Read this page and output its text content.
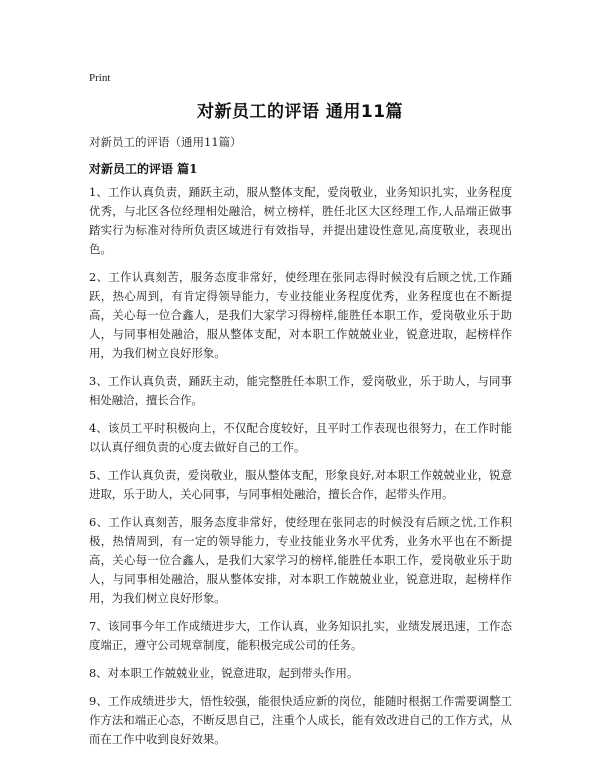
Print
对新员工的评语 通用11篇
对新员工的评语（通用11篇）
对新员工的评语 篇1

1、工作认真负责，踊跃主动，服从整体支配，爱岗敬业，业务知识扎实，业务程度优秀，与北区各位经理相处融洽，树立榜样，胜任北区大区经理工作,人品端正做事踏实行为标准对待所负责区域进行有效指导，并提出建设性意见,高度敬业，表现出色。

2、工作认真刻苦，服务态度非常好，使经理在张同志得时候没有后顾之忧,工作踊跃，热心周到，有肯定得领导能力，专业技能业务程度优秀，业务程度也在不断提高，关心每一位合鑫人，是我们大家学习得榜样,能胜任本职工作，爱岗敬业乐于助人，与同事相处融洽，服从整体支配，对本职工作兢兢业业，锐意进取，起榜样作用，为我们树立良好形象。

3、工作认真负责，踊跃主动，能完整胜任本职工作，爱岗敬业，乐于助人，与同事相处融洽，擅长合作。

4、该员工平时积极向上，不仅配合度较好，且平时工作表现也很努力，在工作时能以认真仔细负责的心度去做好自己的工作。

5、工作认真负责，爱岗敬业，服从整体支配，形象良好,对本职工作兢兢业业，锐意进取，乐于助人，关心同事，与同事相处融洽，擅长合作，起带头作用。

6、工作认真刻苦，服务态度非常好，使经理在张同志的时候没有后顾之忧,工作积极，热情周到，有一定的领导能力，专业技能业务水平优秀，业务水平也在不断提高，关心每一位合鑫人，是我们大家学习的榜样,能胜任本职工作，爱岗敬业乐于助人，与同事相处融洽，服从整体安排，对本职工作兢兢业业，锐意进取，起榜样作用，为我们树立良好形象。

7、该同事今年工作成绩进步大，工作认真，业务知识扎实，业绩发展迅速，工作态度端正，遵守公司规章制度，能积极完成公司的任务。

8、对本职工作兢兢业业，锐意进取，起到带头作用。

9、工作成绩进步大，悟性较强，能很快适应新的岗位，能随时根据工作需要调整工作方法和端正心态，不断反思自己，注重个人成长，能有效改进自己的工作方式，从而在工作中收到良好效果。
